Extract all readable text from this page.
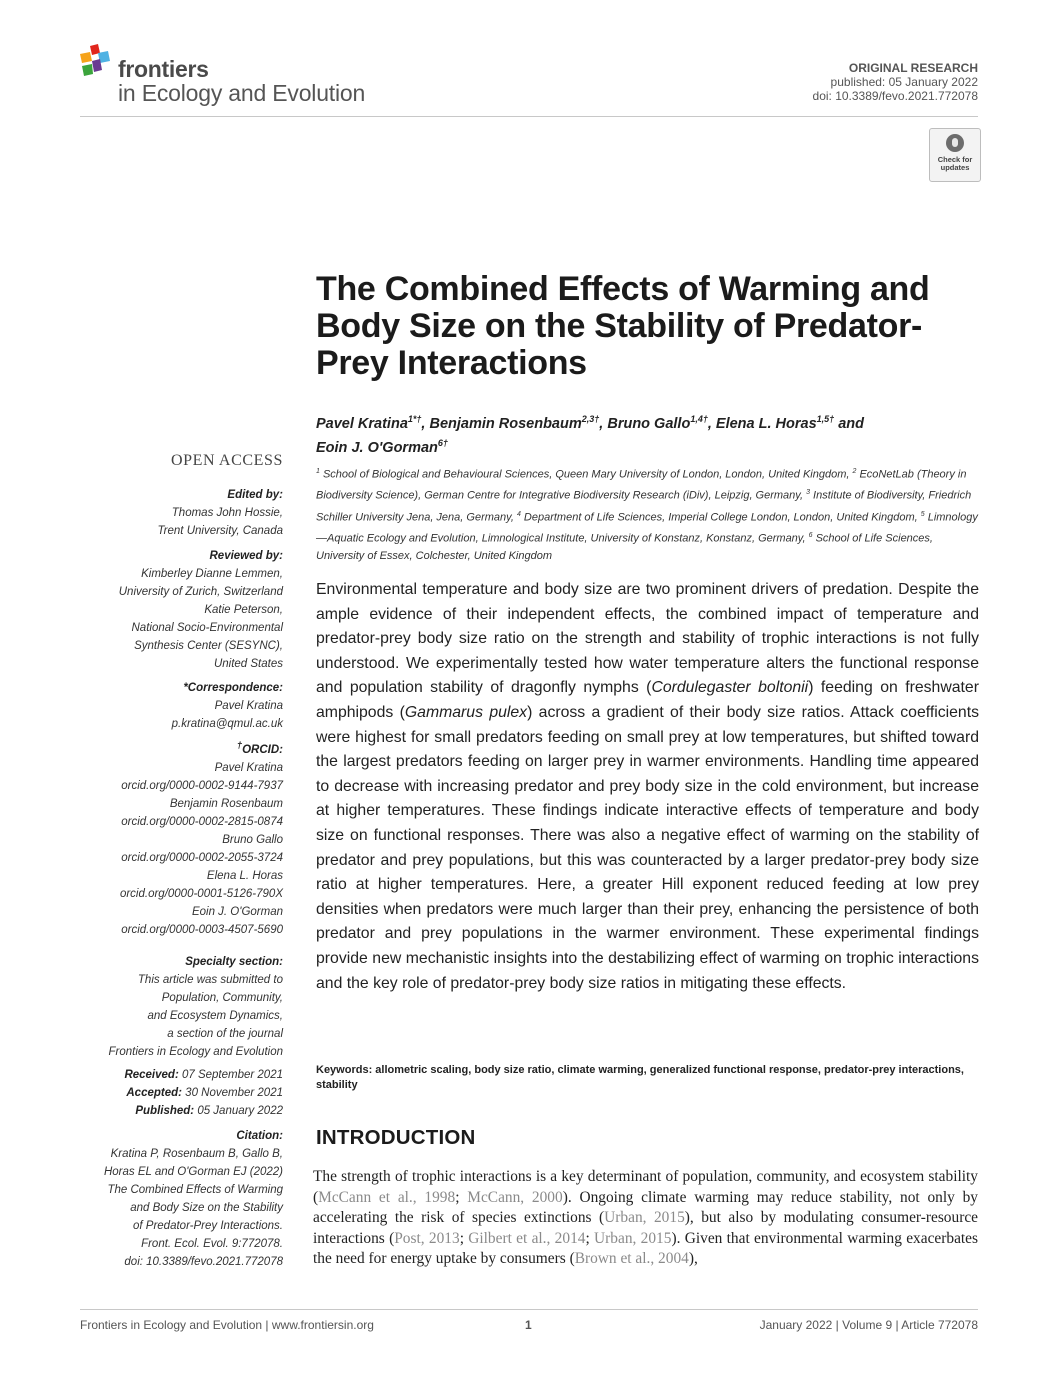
frontiers
in Ecology and Evolution
ORIGINAL RESEARCH
published: 05 January 2022
doi: 10.3389/fevo.2021.772078
Check for
updates
The Combined Effects of Warming and Body Size on the Stability of Predator-Prey Interactions
Pavel Kratina$^{1*\dagger}$, Benjamin Rosenbaum$^{2,3\dagger}$, Bruno Gallo$^{1,4\dagger}$, Elena L. Horas$^{1,5\dagger}$ and
Eoin J. O'Gorman$^{6\dagger}$
$^1$ School of Biological and Behavioural Sciences, Queen Mary University of London, London, United Kingdom, $^2$ EcoNetLab (Theory in Biodiversity Science), German Centre for Integrative Biodiversity Research (iDiv), Leipzig, Germany, $^3$ Institute of Biodiversity, Friedrich Schiller University Jena, Jena, Germany, $^4$ Department of Life Sciences, Imperial College London, London, United Kingdom, $^5$ Limnology—Aquatic Ecology and Evolution, Limnological Institute, University of Konstanz, Konstanz, Germany, $^6$ School of Life Sciences, University of Essex, Colchester, United Kingdom
OPEN ACCESS
Edited by:
Thomas John Hossie,
Trent University, Canada
Reviewed by:
Kimberley Dianne Lemmen,
University of Zurich, Switzerland
Katie Peterson,
National Socio-Environmental
Synthesis Center (SESYNC),
United States
*Correspondence:
Pavel Kratina
p.kratina@qmul.ac.uk
†ORCID:
Pavel Kratina
orcid.org/0000-0002-9144-7937
Benjamin Rosenbaum
orcid.org/0000-0002-2815-0874
Bruno Gallo
orcid.org/0000-0002-2055-3724
Elena L. Horas
orcid.org/0000-0001-5126-790X
Eoin J. O'Gorman
orcid.org/0000-0003-4507-5690
Specialty section:
This article was submitted to
Population, Community,
and Ecosystem Dynamics,
a section of the journal
Frontiers in Ecology and Evolution
Received: 07 September 2021
Accepted: 30 November 2021
Published: 05 January 2022
Citation:
Kratina P, Rosenbaum B, Gallo B,
Horas EL and O'Gorman EJ (2022)
The Combined Effects of Warming
and Body Size on the Stability
of Predator-Prey Interactions.
Front. Ecol. Evol. 9:772078.
doi: 10.3389/fevo.2021.772078
Environmental temperature and body size are two prominent drivers of predation. Despite the ample evidence of their independent effects, the combined impact of temperature and predator-prey body size ratio on the strength and stability of trophic interactions is not fully understood. We experimentally tested how water temperature alters the functional response and population stability of dragonfly nymphs (Cordulegaster boltonii) feeding on freshwater amphipods (Gammarus pulex) across a gradient of their body size ratios. Attack coefficients were highest for small predators feeding on small prey at low temperatures, but shifted toward the largest predators feeding on larger prey in warmer environments. Handling time appeared to decrease with increasing predator and prey body size in the cold environment, but increase at higher temperatures. These findings indicate interactive effects of temperature and body size on functional responses. There was also a negative effect of warming on the stability of predator and prey populations, but this was counteracted by a larger predator-prey body size ratio at higher temperatures. Here, a greater Hill exponent reduced feeding at low prey densities when predators were much larger than their prey, enhancing the persistence of both predator and prey populations in the warmer environment. These experimental findings provide new mechanistic insights into the destabilizing effect of warming on trophic interactions and the key role of predator-prey body size ratios in mitigating these effects.
Keywords: allometric scaling, body size ratio, climate warming, generalized functional response, predator-prey interactions, stability
INTRODUCTION
The strength of trophic interactions is a key determinant of population, community, and ecosystem stability (McCann et al., 1998; McCann, 2000). Ongoing climate warming may reduce stability, not only by accelerating the risk of species extinctions (Urban, 2015), but also by modulating consumer-resource interactions (Post, 2013; Gilbert et al., 2014; Urban, 2015). Given that environmental warming exacerbates the need for energy uptake by consumers (Brown et al., 2004),
Frontiers in Ecology and Evolution | www.frontiersin.org	1	January 2022 | Volume 9 | Article 772078
